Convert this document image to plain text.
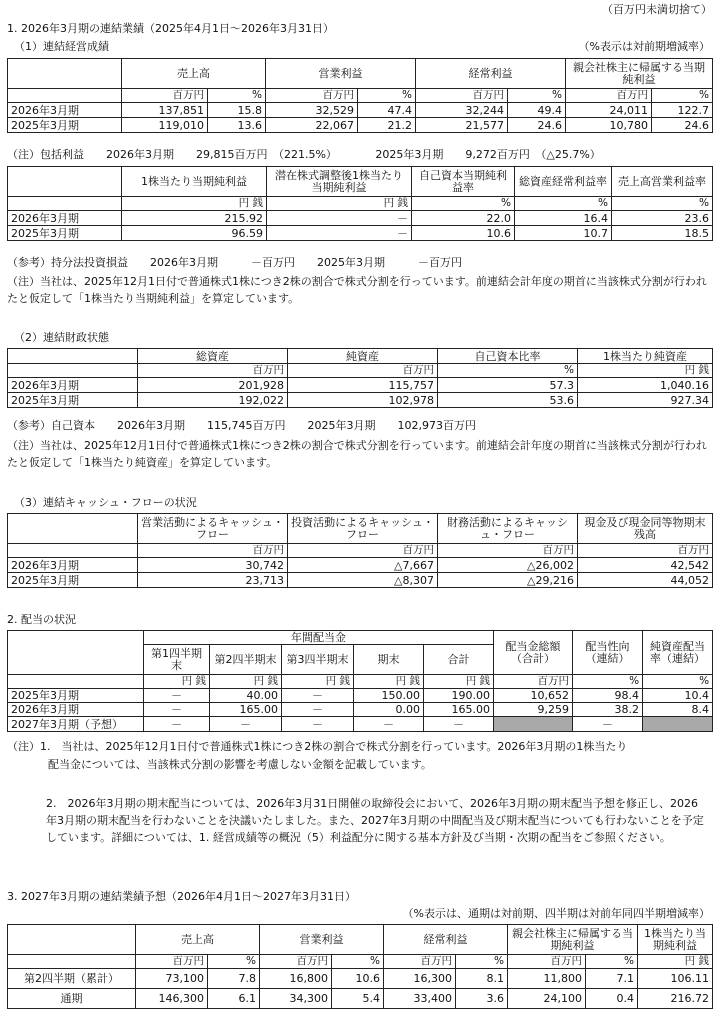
（百万円未満切捨て）
1. 2026年3月期の連結業績（2025年4月1日～2026年3月31日）
（1）連結経営成績	（%表示は対前期増減率）
	売上高		営業利益		経常利益		親会社株主に帰属する当期純利益	
	百万円	%	百万円	%	百万円	%	百万円	%
2026年3月期	137,851	15.8	32,529	47.4	32,244	49.4	24,011	122.7
2025年3月期	119,010	13.6	22,067	21.2	21,577	24.6	10,780	24.6
（注）包括利益　　2026年3月期　　29,815百万円　（221.5%）　　　　2025年3月期　　9,272百万円　（△25.7%）
	1株当たり当期純利益	潜在株式調整後1株当たり当期純利益	自己資本当期純利益率	総資産経常利益率	売上高営業利益率
	円 銭	円 銭	%	%	%
2026年3月期	215.92	－	22.0	16.4	23.6
2025年3月期	96.59	－	10.6	10.7	18.5
（参考）持分法投資損益　　2026年3月期　　　－百万円　　2025年3月期　　　－百万円
（注）当社は、2025年12月1日付で普通株式1株につき2株の割合で株式分割を行っています。前連結会計年度の期首に当該株式分割が行われたと仮定して「1株当たり当期純利益」を算定しています。
（2）連結財政状態
	総資産	純資産	自己資本比率	1株当たり純資産
	百万円	百万円	%	円 銭
2026年3月期	201,928	115,757	57.3	1,040.16
2025年3月期	192,022	102,978	53.6	927.34
（参考）自己資本　　2026年3月期　　115,745百万円　　2025年3月期　　102,973百万円
（注）当社は、2025年12月1日付で普通株式1株につき2株の割合で株式分割を行っています。前連結会計年度の期首に当該株式分割が行われたと仮定して「1株当たり純資産」を算定しています。
（3）連結キャッシュ・フローの状況
	営業活動によるキャッシュ・フロー	投資活動によるキャッシュ・フロー	財務活動によるキャッシュ・フロー	現金及び現金同等物期末残高
	百万円	百万円	百万円	百万円
2026年3月期	30,742	△7,667	△26,002	42,542
2025年3月期	23,713	△8,307	△29,216	44,052
2. 配当の状況
	年間配当金					配当金総額（合計）	配当性向（連結）	純資産配当率（連結）
	第1四半期末	第2四半期末	第3四半期末	期末	合計			
	円 銭	円 銭	円 銭	円 銭	円 銭	百万円	%	%
2025年3月期	－	40.00	－	150.00	190.00	10,652	98.4	10.4
2026年3月期	－	165.00	－	0.00	165.00	9,259	38.2	8.4
2027年3月期（予想）	－	－	－	－	－		－	
（注）1.　当社は、2025年12月1日付で普通株式1株につき2株の割合で株式分割を行っています。2026年3月期の1株当たり
配当金については、当該株式分割の影響を考慮しない金額を記載しています。
2.　2026年3月期の期末配当については、2026年3月31日開催の取締役会において、2026年3月期の期末配当予想を修正し、2026年3月期の期末配当を行わないことを決議いたしました。また、2027年3月期の中間配当及び期末配当についても行わないことを予定しています。詳細については、1. 経営成績等の概況（5）利益配分に関する基本方針及び当期・次期の配当をご参照ください。
3. 2027年3月期の連結業績予想（2026年4月1日～2027年3月31日）
（%表示は、通期は対前期、四半期は対前年同四半期増減率）
	売上高		営業利益		経常利益		親会社株主に帰属する当期純利益		1株当たり当期純利益
	百万円	%	百万円	%	百万円	%	百万円	%	円 銭
第2四半期（累計）	73,100	7.8	16,800	10.6	16,300	8.1	11,800	7.1	106.11
通期	146,300	6.1	34,300	5.4	33,400	3.6	24,100	0.4	216.72
